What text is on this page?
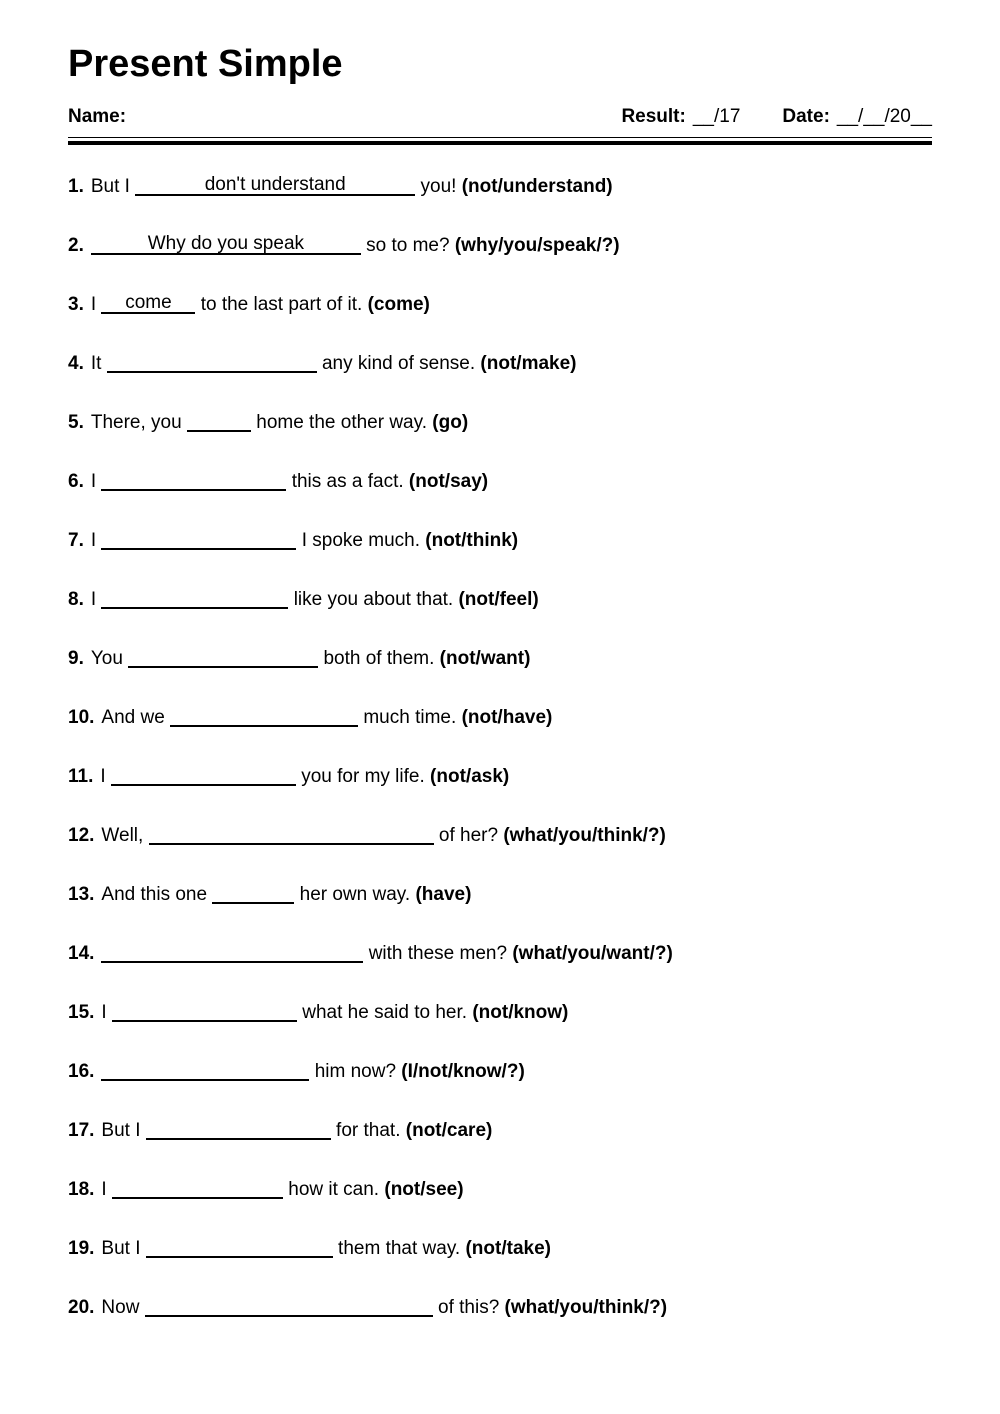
Present Simple
Name:	Result: __/17 Date: __/__/20__
1. But I	don't understand	you! (not/understand)
2.	Why do you speak	so to me? (why/you/speak/?)
3. I come to the last part of it. (come)
4. It	any kind of sense. (not/make)
5. There, you	home the other way. (go)
6. I	this as a fact. (not/say)
7. I	I spoke much. (not/think)
8. I	like you about that. (not/feel)
9. You	both of them. (not/want)
10. And we	much time. (not/have)
11. I	you for my life. (not/ask)
12. Well,	of her? (what/you/think/?)
13. And this one	her own way. (have)
14.	with these men? (what/you/want/?)
15. I	what he said to her. (not/know)
16.	him now? (I/not/know/?)
17. But I	for that. (not/care)
18. I	how it can. (not/see)
19. But I	them that way. (not/take)
20. Now	of this? (what/you/think/?)
